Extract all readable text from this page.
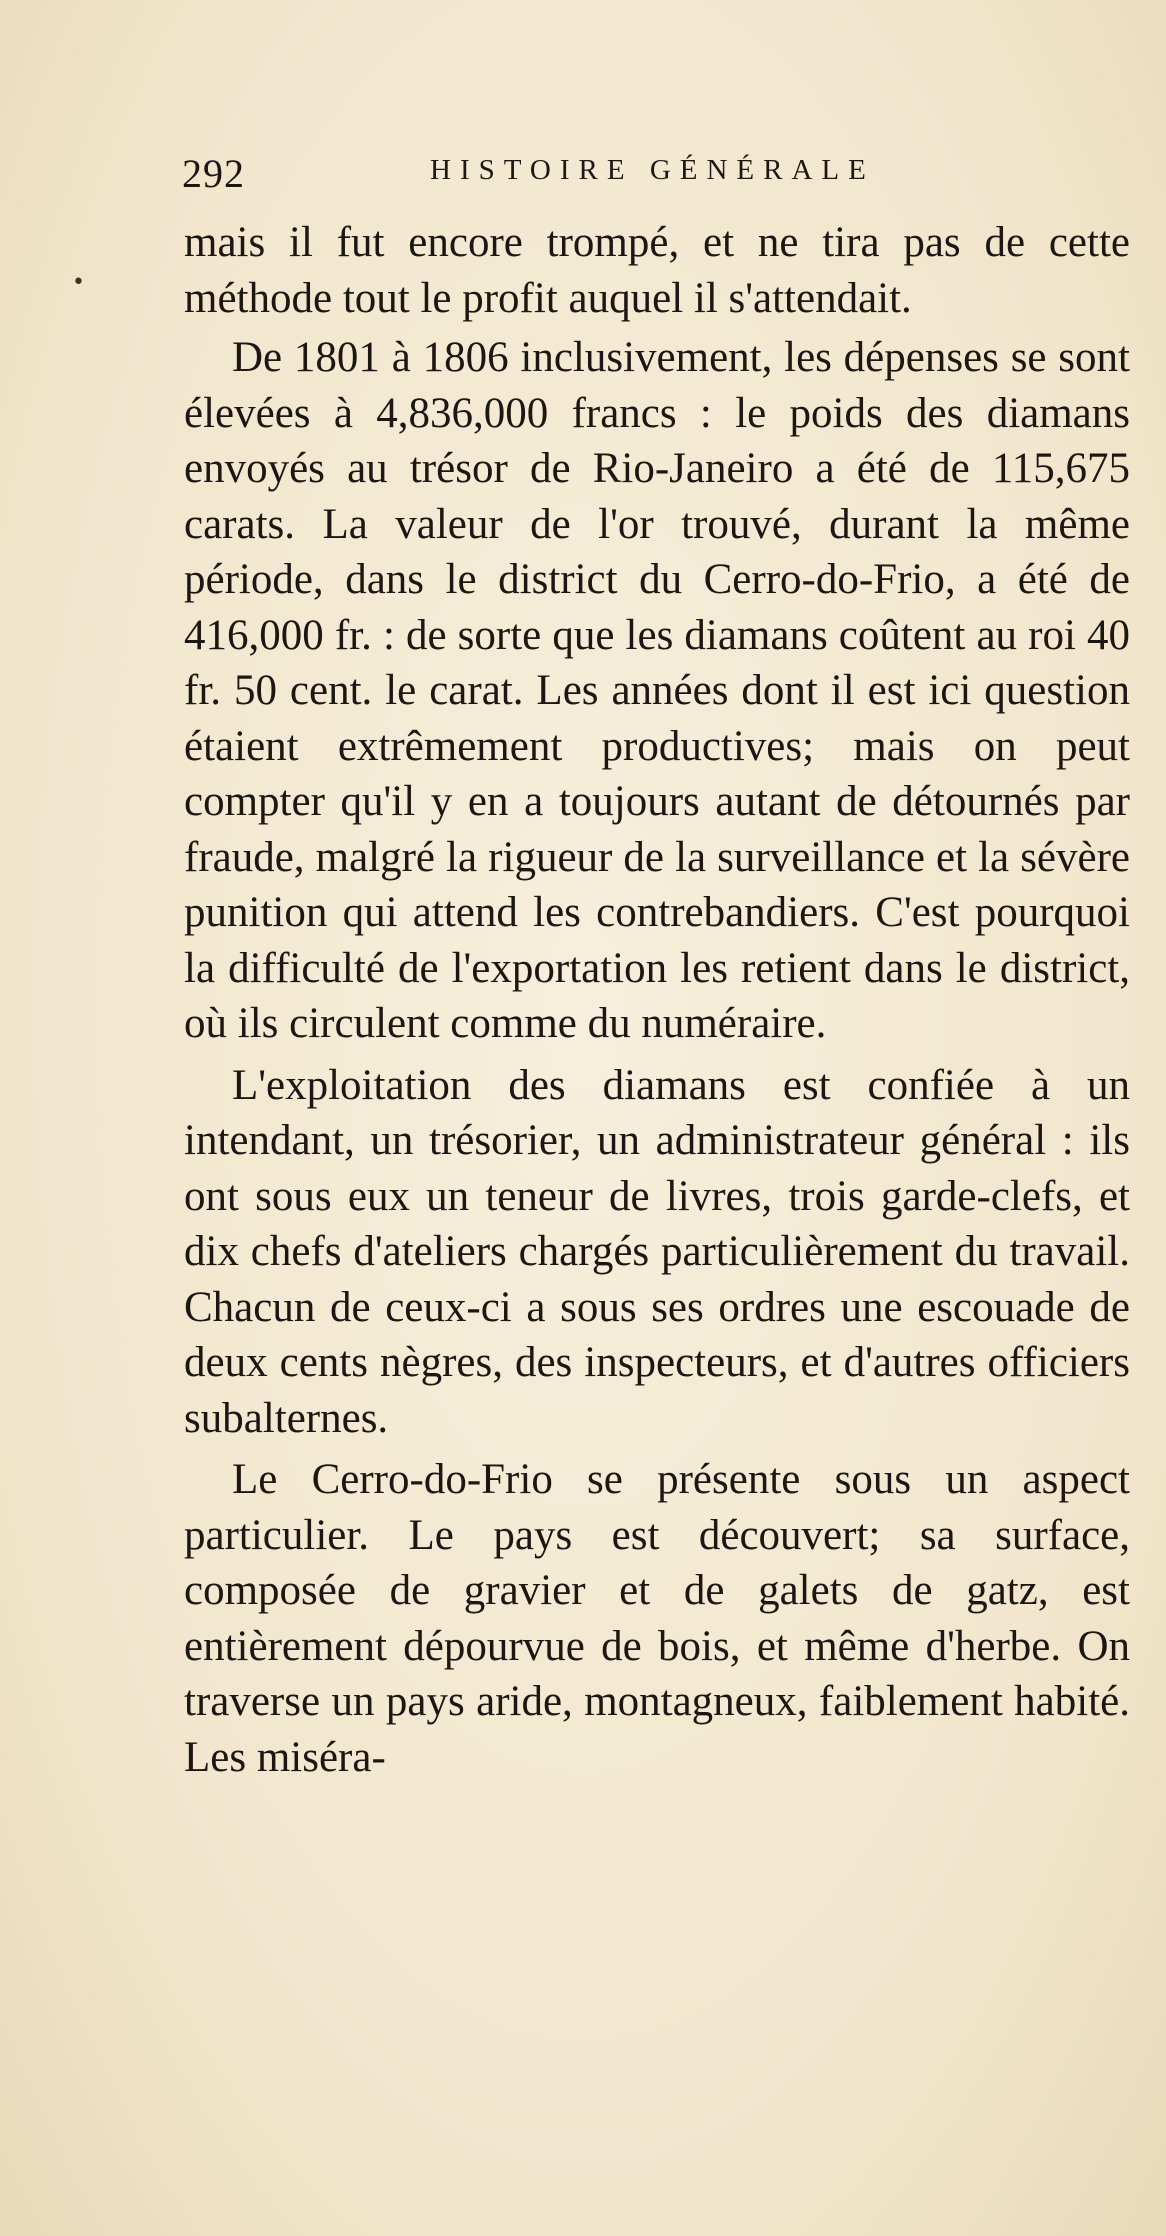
292	HISTOIRE GÉNÉRALE
•

mais il fut encore trompé, et ne tira pas de cette méthode tout le profit auquel il s'attendait.

De 1801 à 1806 inclusivement, les dépenses se sont élevées à 4,836,000 francs : le poids des diamans envoyés au trésor de Rio-Janeiro a été de 115,675 carats. La valeur de l'or trouvé, durant la même période, dans le district du Cerro-do-Frio, a été de 416,000 fr. : de sorte que les diamans coûtent au roi 40 fr. 50 cent. le carat. Les années dont il est ici question étaient extrêmement productives; mais on peut compter qu'il y en a toujours autant de détournés par fraude, malgré la rigueur de la surveillance et la sévère punition qui attend les contrebandiers. C'est pourquoi la difficulté de l'exportation les retient dans le district, où ils circulent comme du numéraire.

L'exploitation des diamans est confiée à un intendant, un trésorier, un administrateur général : ils ont sous eux un teneur de livres, trois garde-clefs, et dix chefs d'ateliers chargés particulièrement du travail. Chacun de ceux-ci a sous ses ordres une escouade de deux cents nègres, des inspecteurs, et d'autres officiers subalternes.

Le Cerro-do-Frio se présente sous un aspect particulier. Le pays est découvert; sa surface, composée de gravier et de galets de gatz, est entièrement dépourvue de bois, et même d'herbe. On traverse un pays aride, montagneux, faiblement habité. Les miséra-
